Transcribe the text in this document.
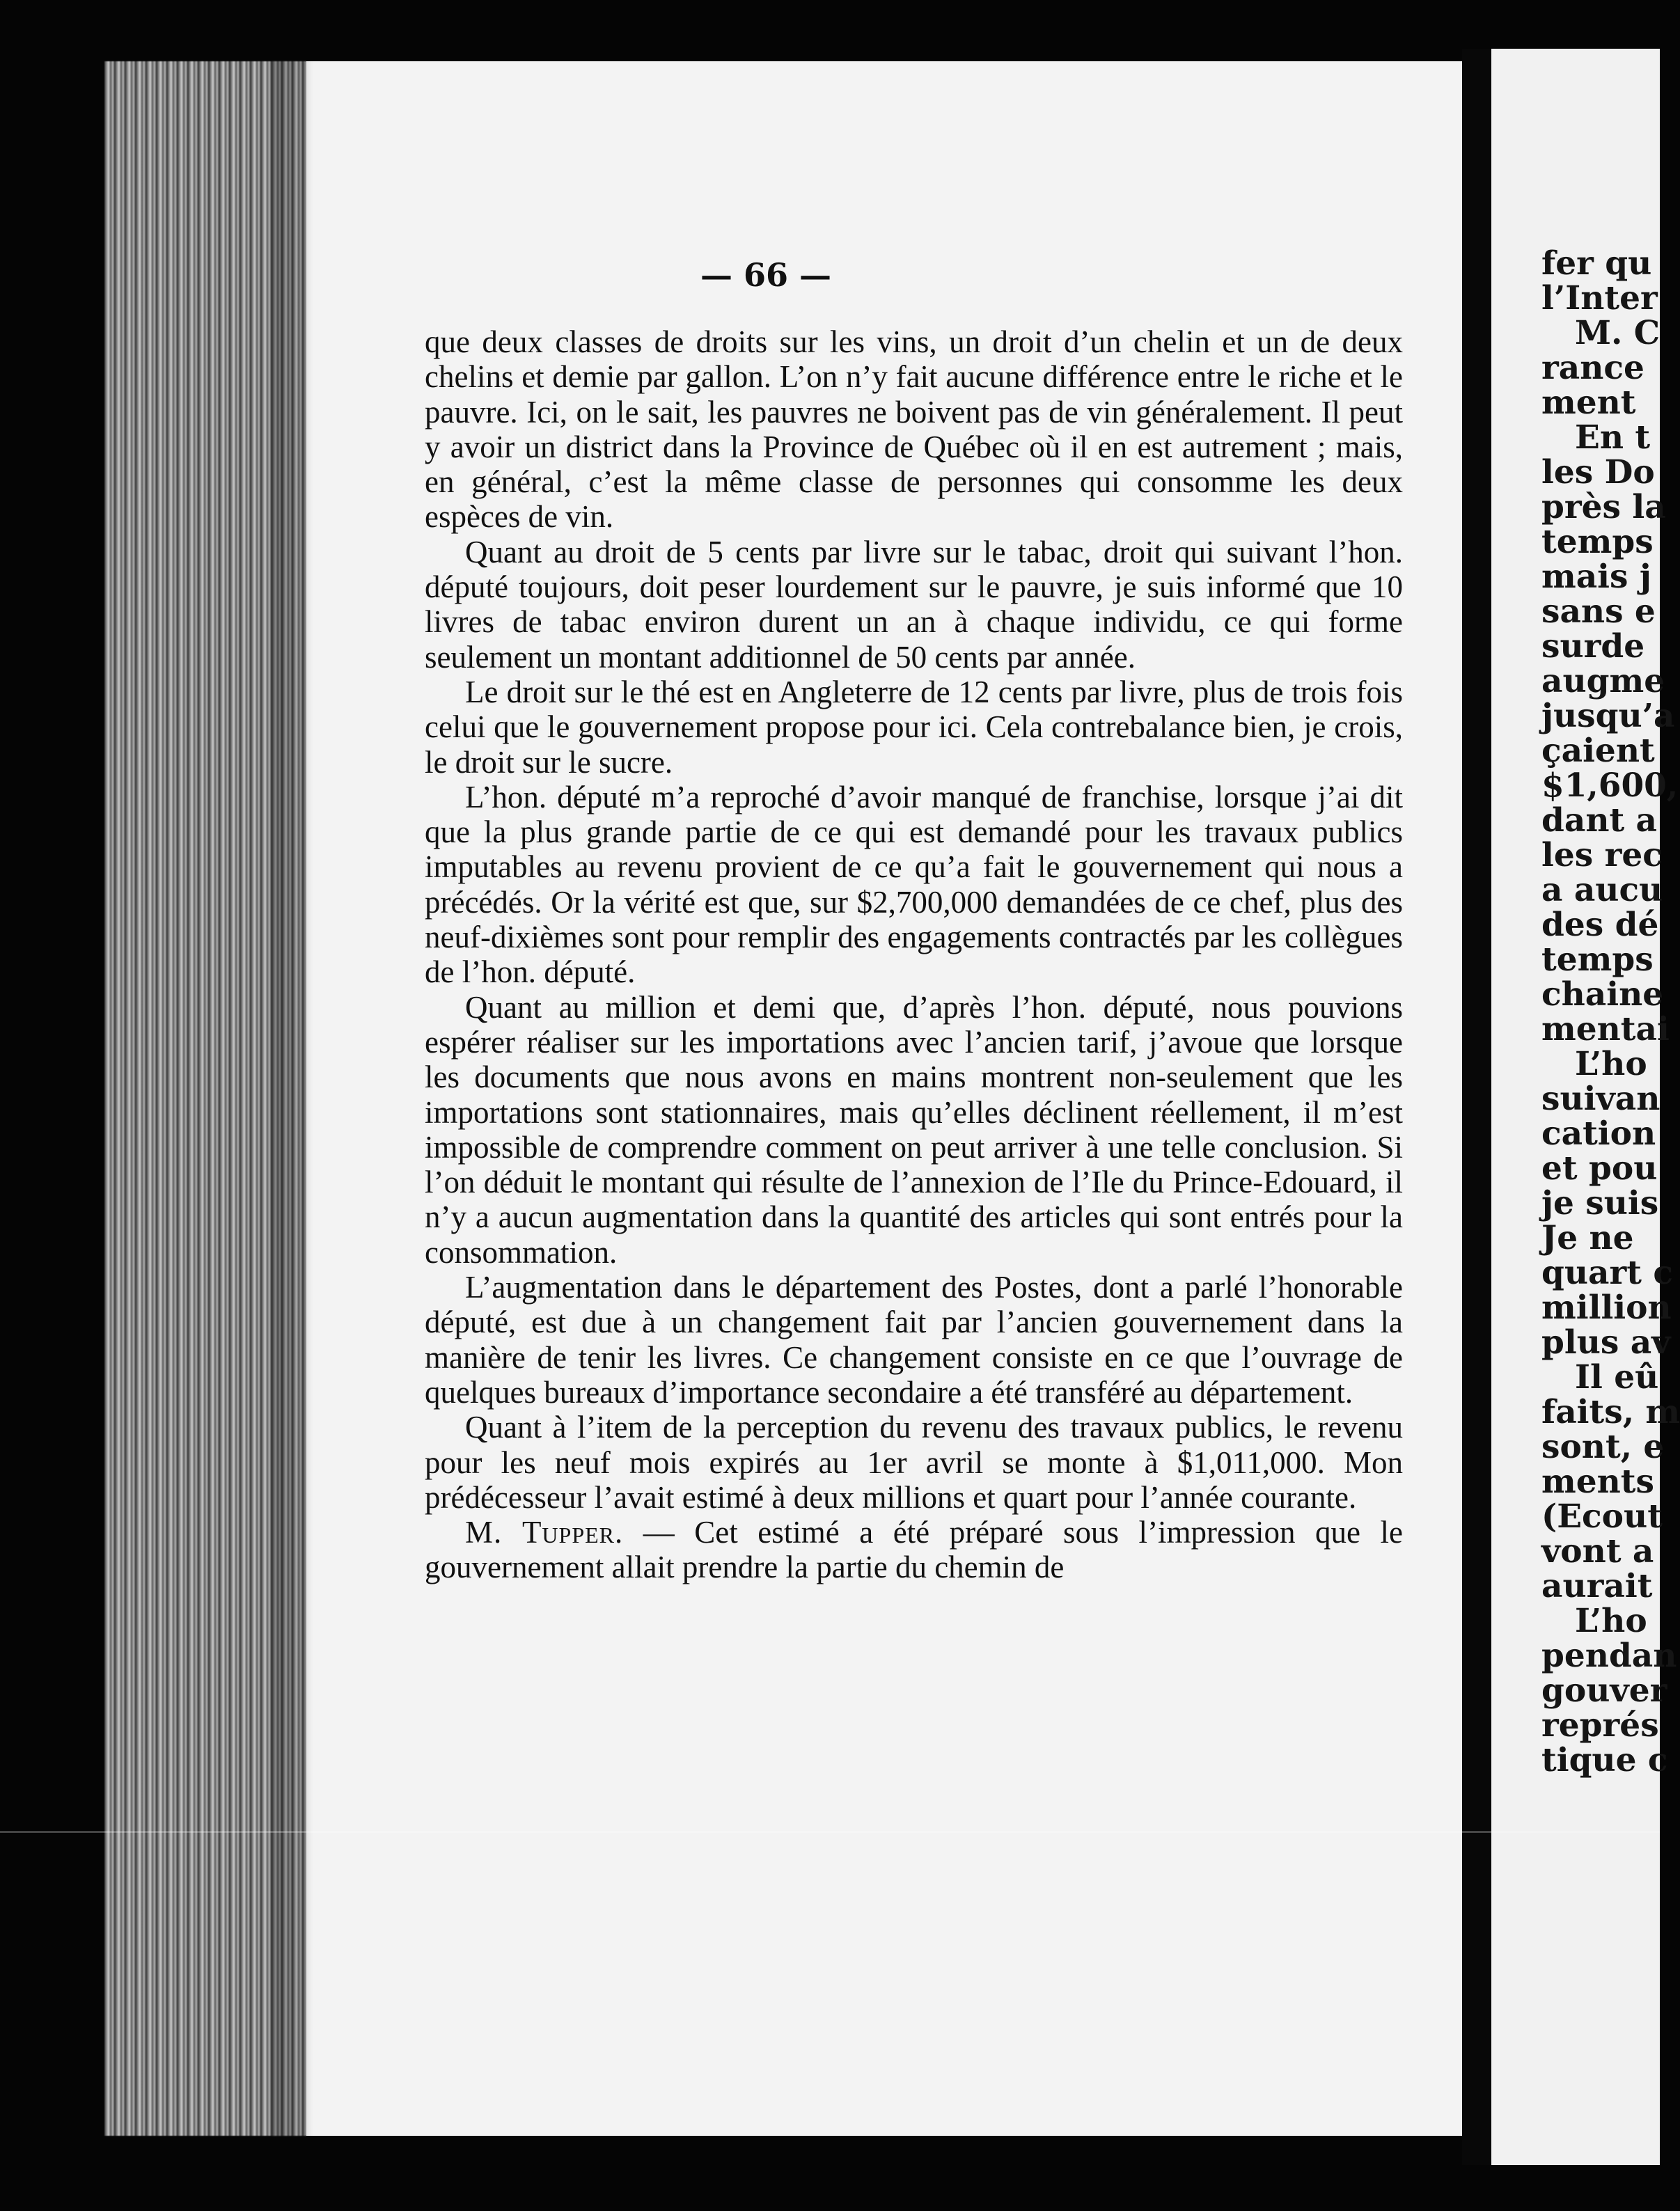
— 66 —

que deux classes de droits sur les vins, un droit d’un chelin et un de deux chelins et demie par gallon. L’on n’y fait aucune différence entre le riche et le pauvre. Ici, on le sait, les pauvres ne boivent pas de vin généralement. Il peut y avoir un district dans la Province de Québec où il en est autrement ; mais, en général, c’est la même classe de personnes qui consomme les deux espèces de vin.

Quant au droit de 5 cents par livre sur le tabac, droit qui suivant l’hon. député toujours, doit peser lourdement sur le pauvre, je suis informé que 10 livres de tabac environ durent un an à chaque individu, ce qui forme seulement un montant additionnel de 50 cents par année.

Le droit sur le thé est en Angleterre de 12 cents par livre, plus de trois fois celui que le gouvernement propose pour ici. Cela contrebalance bien, je crois, le droit sur le sucre.

L’hon. député m’a reproché d’avoir manqué de franchise, lorsque j’ai dit que la plus grande partie de ce qui est demandé pour les travaux publics imputables au revenu provient de ce qu’a fait le gouvernement qui nous a précédés. Or la vérité est que, sur $2,700,000 demandées de ce chef, plus des neuf-dixièmes sont pour remplir des engagements contractés par les collègues de l’hon. député.

Quant au million et demi que, d’après l’hon. député, nous pouvions espérer réaliser sur les importations avec l’ancien tarif, j’avoue que lorsque les documents que nous avons en mains montrent non-seulement que les importations sont stationnaires, mais qu’elles déclinent réellement, il m’est impossible de comprendre comment on peut arriver à une telle conclusion. Si l’on déduit le montant qui résulte de l’annexion de l’Ile du Prince-Edouard, il n’y a aucun augmentation dans la quantité des articles qui sont entrés pour la consommation.

L’augmentation dans le département des Postes, dont a parlé l’honorable député, est due à un changement fait par l’ancien gouvernement dans la manière de tenir les livres. Ce changement consiste en ce que l’ouvrage de quelques bureaux d’importance secondaire a été transféré au département.

Quant à l’item de la perception du revenu des travaux publics, le revenu pour les neuf mois expirés au 1er avril se monte à $1,011,000. Mon prédécesseur l’avait estimé à deux millions et quart pour l’année courante.

M. Tupper. — Cet estimé a été préparé sous l’impression que le gouvernement allait prendre la partie du chemin de

fer qu
l’Inter
M. C
rance
ment
En t
les Do
près la
temps
mais j
sans e
surde
augme
jusqu’a
çaient
$1,600,
dant a
les rec
a aucu
des dé
temps
chaine
mentai
L’ho
suivan
cation
et pou
je suis
Je ne
quart c
million
plus av
Il eû
faits, m
sont, e
ments
(Ecout
vont a
aurait
L’ho
pendan
gouver
représ
tique c
